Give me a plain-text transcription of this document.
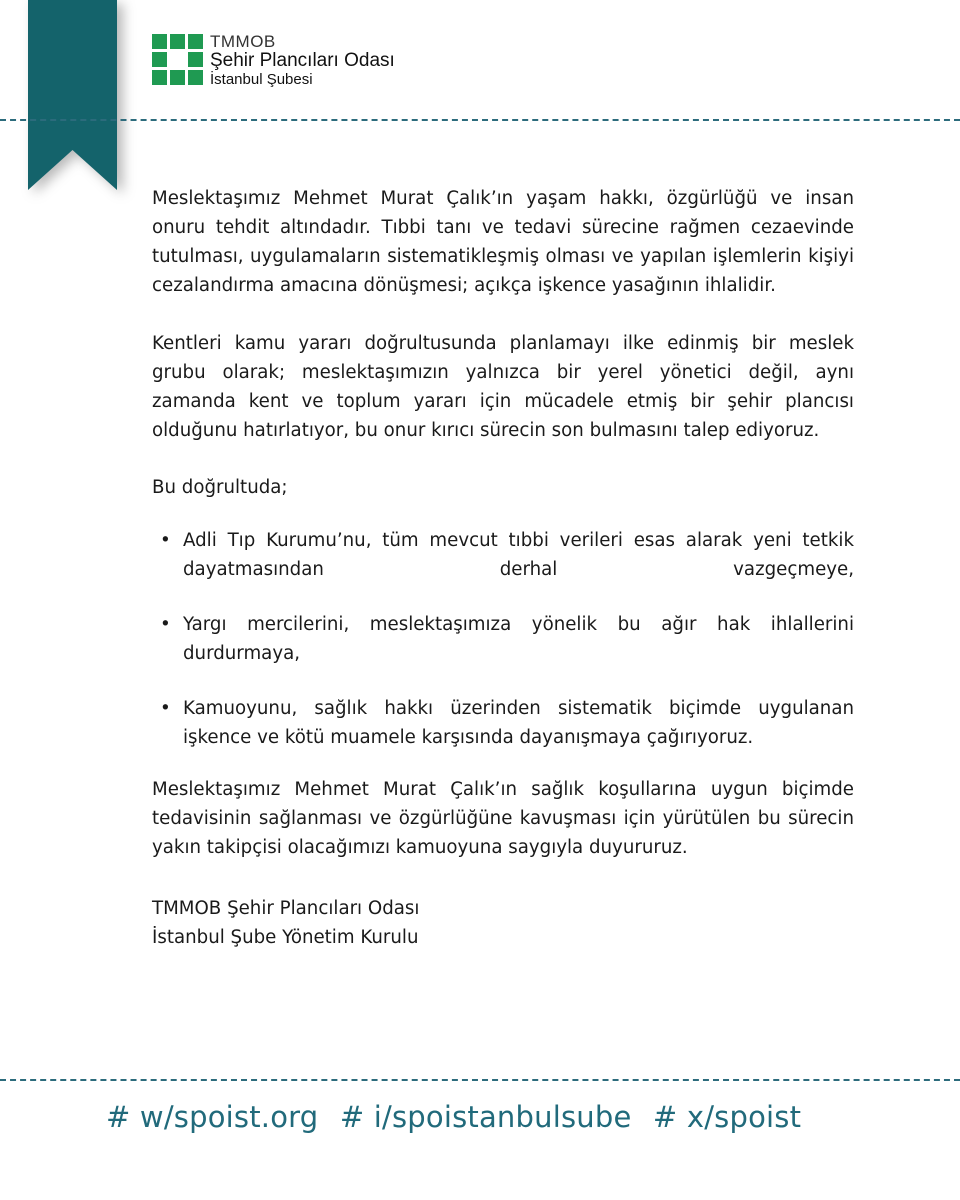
TMMOB
Şehir Plancıları Odası
İstanbul Şubesi

Meslektaşımız Mehmet Murat Çalık’ın yaşam hakkı, özgürlüğü ve insan onuru tehdit altındadır. Tıbbi tanı ve tedavi sürecine rağmen cezaevinde tutulması, uygulamaların sistematikleşmiş olması ve yapılan işlemlerin kişiyi cezalandırma amacına dönüşmesi; açıkça işkence yasağının ihlalidir.

Kentleri kamu yararı doğrultusunda planlamayı ilke edinmiş bir meslek grubu olarak; meslektaşımızın yalnızca bir yerel yönetici değil, aynı zamanda kent ve toplum yararı için mücadele etmiş bir şehir plancısı olduğunu hatırlatıyor, bu onur kırıcı sürecin son bulmasını talep ediyoruz.

Bu doğrultuda;

• Adli Tıp Kurumu’nu, tüm mevcut tıbbi verileri esas alarak yeni tetkik dayatmasından derhal vazgeçmeye,
• Yargı mercilerini, meslektaşımıza yönelik bu ağır hak ihlallerini durdurmaya,
• Kamuoyunu, sağlık hakkı üzerinden sistematik biçimde uygulanan işkence ve kötü muamele karşısında dayanışmaya çağırıyoruz.

Meslektaşımız Mehmet Murat Çalık’ın sağlık koşullarına uygun biçimde tedavisinin sağlanması ve özgürlüğüne kavuşması için yürütülen bu sürecin yakın takipçisi olacağımızı kamuoyuna saygıyla duyururuz.

TMMOB Şehir Plancıları Odası
İstanbul Şube Yönetim Kurulu

# w/spoist.org # i/spoistanbulsube # x/spoist
